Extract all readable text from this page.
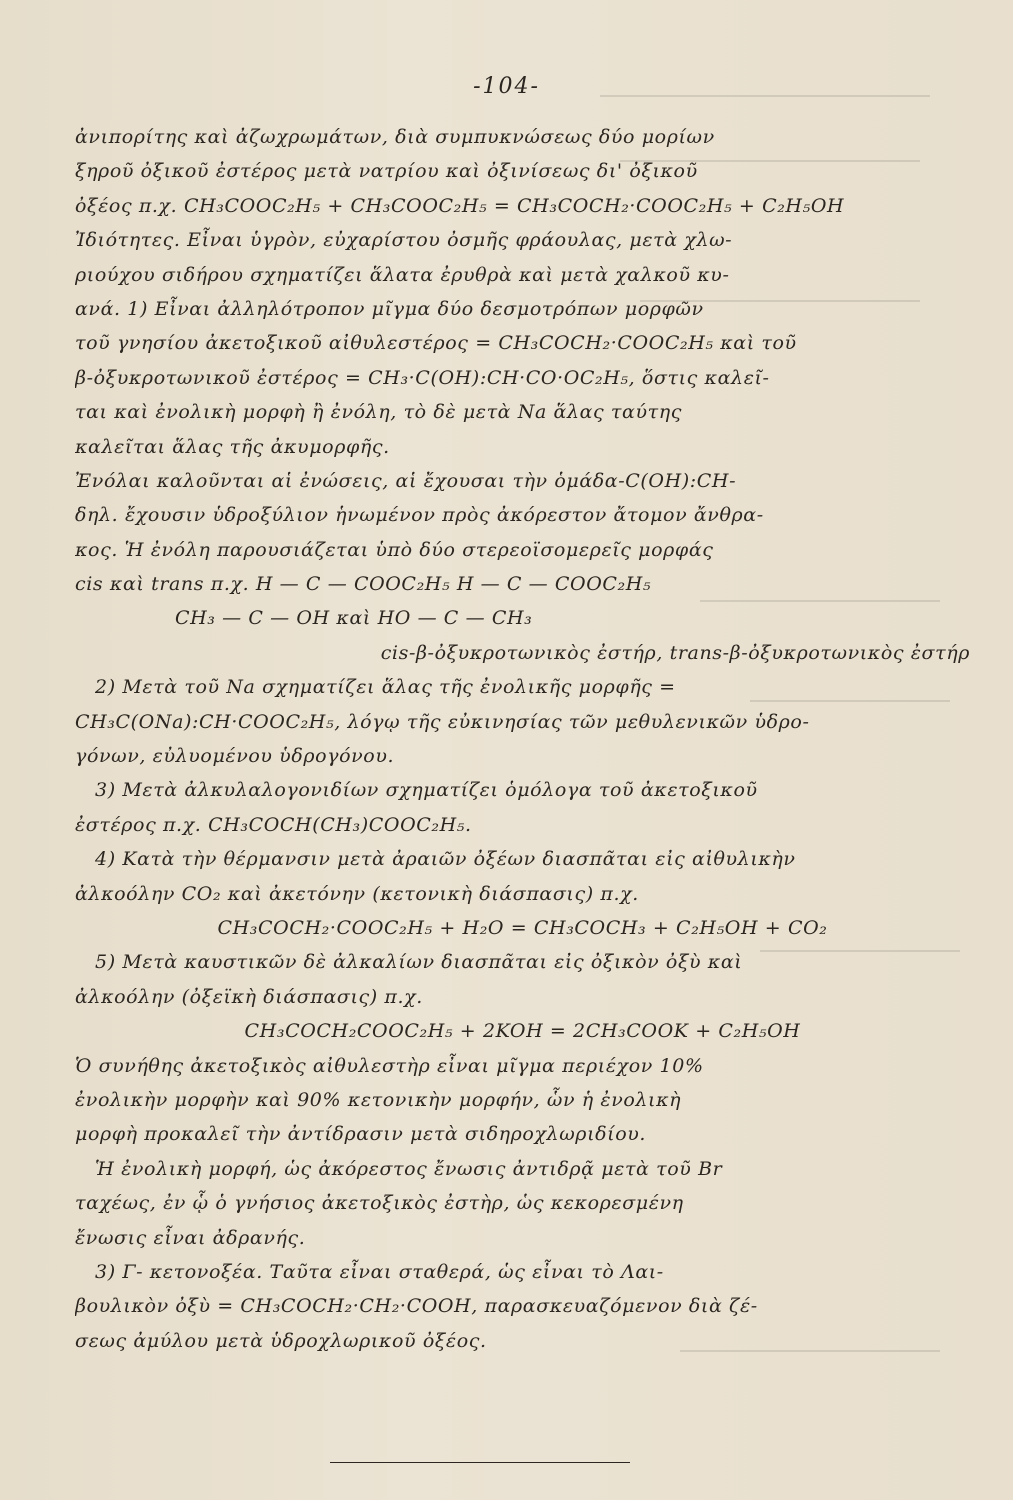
-104-
ἀνιπορίτης καὶ ἀζωχρωμάτων, διὰ συμπυκνώσεως δύο μορίων
ξηροῦ ὀξικοῦ ἐστέρος μετὰ νατρίου καὶ ὀξινίσεως δι' ὀξικοῦ
ὀξέος π.χ. CH₃COOC₂H₅ + CH₃COOC₂H₅ = CH₃COCH₂·COOC₂H₅ + C₂H₅OH
Ἰδιότητες. Εἶναι ὑγρὸν, εὐχαρίστου ὀσμῆς φράουλας, μετὰ χλω-
ριούχου σιδήρου σχηματίζει ἅλατα ἐρυθρὰ καὶ μετὰ χαλκοῦ κυ-
ανά. 1) Εἶναι ἀλληλότροπον μῖγμα δύο δεσμοτρόπων μορφῶν
τοῦ γνησίου ἀκετοξικοῦ αἰθυλεστέρος = CH₃COCH₂·COOC₂H₅ καὶ τοῦ
β-ὀξυκροτωνικοῦ ἐστέρος = CH₃·C(OH):CH·CO·OC₂H₅, ὅστις καλεῖ-
ται καὶ ἐνολικὴ μορφὴ ἢ ἐνόλη, τὸ δὲ μετὰ Na ἅλας ταύτης
καλεῖται ἅλας τῆς ἀκυμορφῆς.
Ἐνόλαι καλοῦνται αἱ ἐνώσεις, αἱ ἔχουσαι τὴν ὁμάδα-C(OH):CH-
δηλ. ἔχουσιν ὑδροξύλιον ἡνωμένον πρὸς ἀκόρεστον ἄτομον ἄνθρα-
κος. Ἡ ἐνόλη παρουσιάζεται ὑπὸ δύο στερεοϊσομερεῖς μορφάς
cis καὶ trans π.χ. H — C — COOC₂H₅ H — C — COOC₂H₅
CH₃ — C — OH καὶ HO — C — CH₃
cis-β-ὀξυκροτωνικὸς ἐστήρ, trans-β-ὀξυκροτωνικὸς ἐστήρ
2) Μετὰ τοῦ Na σχηματίζει ἅλας τῆς ἐνολικῆς μορφῆς =
CH₃C(ONa):CH·COOC₂H₅, λόγῳ τῆς εὐκινησίας τῶν μεθυλενικῶν ὑδρο-
γόνων, εὐλυομένου ὑδρογόνου.
3) Μετὰ ἀλκυλαλογονιδίων σχηματίζει ὁμόλογα τοῦ ἀκετοξικοῦ
ἐστέρος π.χ. CH₃COCH(CH₃)COOC₂H₅.
4) Κατὰ τὴν θέρμανσιν μετὰ ἀραιῶν ὀξέων διασπᾶται εἰς αἰθυλικὴν
ἀλκοόλην CO₂ καὶ ἀκετόνην (κετονικὴ διάσπασις) π.χ.
CH₃COCH₂·COOC₂H₅ + H₂O = CH₃COCH₃ + C₂H₅OH + CO₂
5) Μετὰ καυστικῶν δὲ ἀλκαλίων διασπᾶται εἰς ὀξικὸν ὀξὺ καὶ
ἀλκοόλην (ὀξεϊκὴ διάσπασις) π.χ.
CH₃COCH₂COOC₂H₅ + 2KOH = 2CH₃COOK + C₂H₅OH
Ὁ συνήθης ἀκετοξικὸς αἰθυλεστὴρ εἶναι μῖγμα περιέχον 10%
ἐνολικὴν μορφὴν καὶ 90% κετονικὴν μορφήν, ὧν ἡ ἐνολικὴ
μορφὴ προκαλεῖ τὴν ἀντίδρασιν μετὰ σιδηροχλωριδίου.
Ἡ ἐνολικὴ μορφή, ὡς ἀκόρεστος ἔνωσις ἀντιδρᾷ μετὰ τοῦ Br
ταχέως, ἐν ᾧ ὁ γνήσιος ἀκετοξικὸς ἐστὴρ, ὡς κεκορεσμένη
ἔνωσις εἶναι ἀδρανής.
3) Γ- κετονοξέα. Ταῦτα εἶναι σταθερά, ὡς εἶναι τὸ Λαι-
βουλικὸν ὀξὺ = CH₃COCH₂·CH₂·COOH, παρασκευαζόμενον διὰ ζέ-
σεως ἀμύλου μετὰ ὑδροχλωρικοῦ ὀξέος.
